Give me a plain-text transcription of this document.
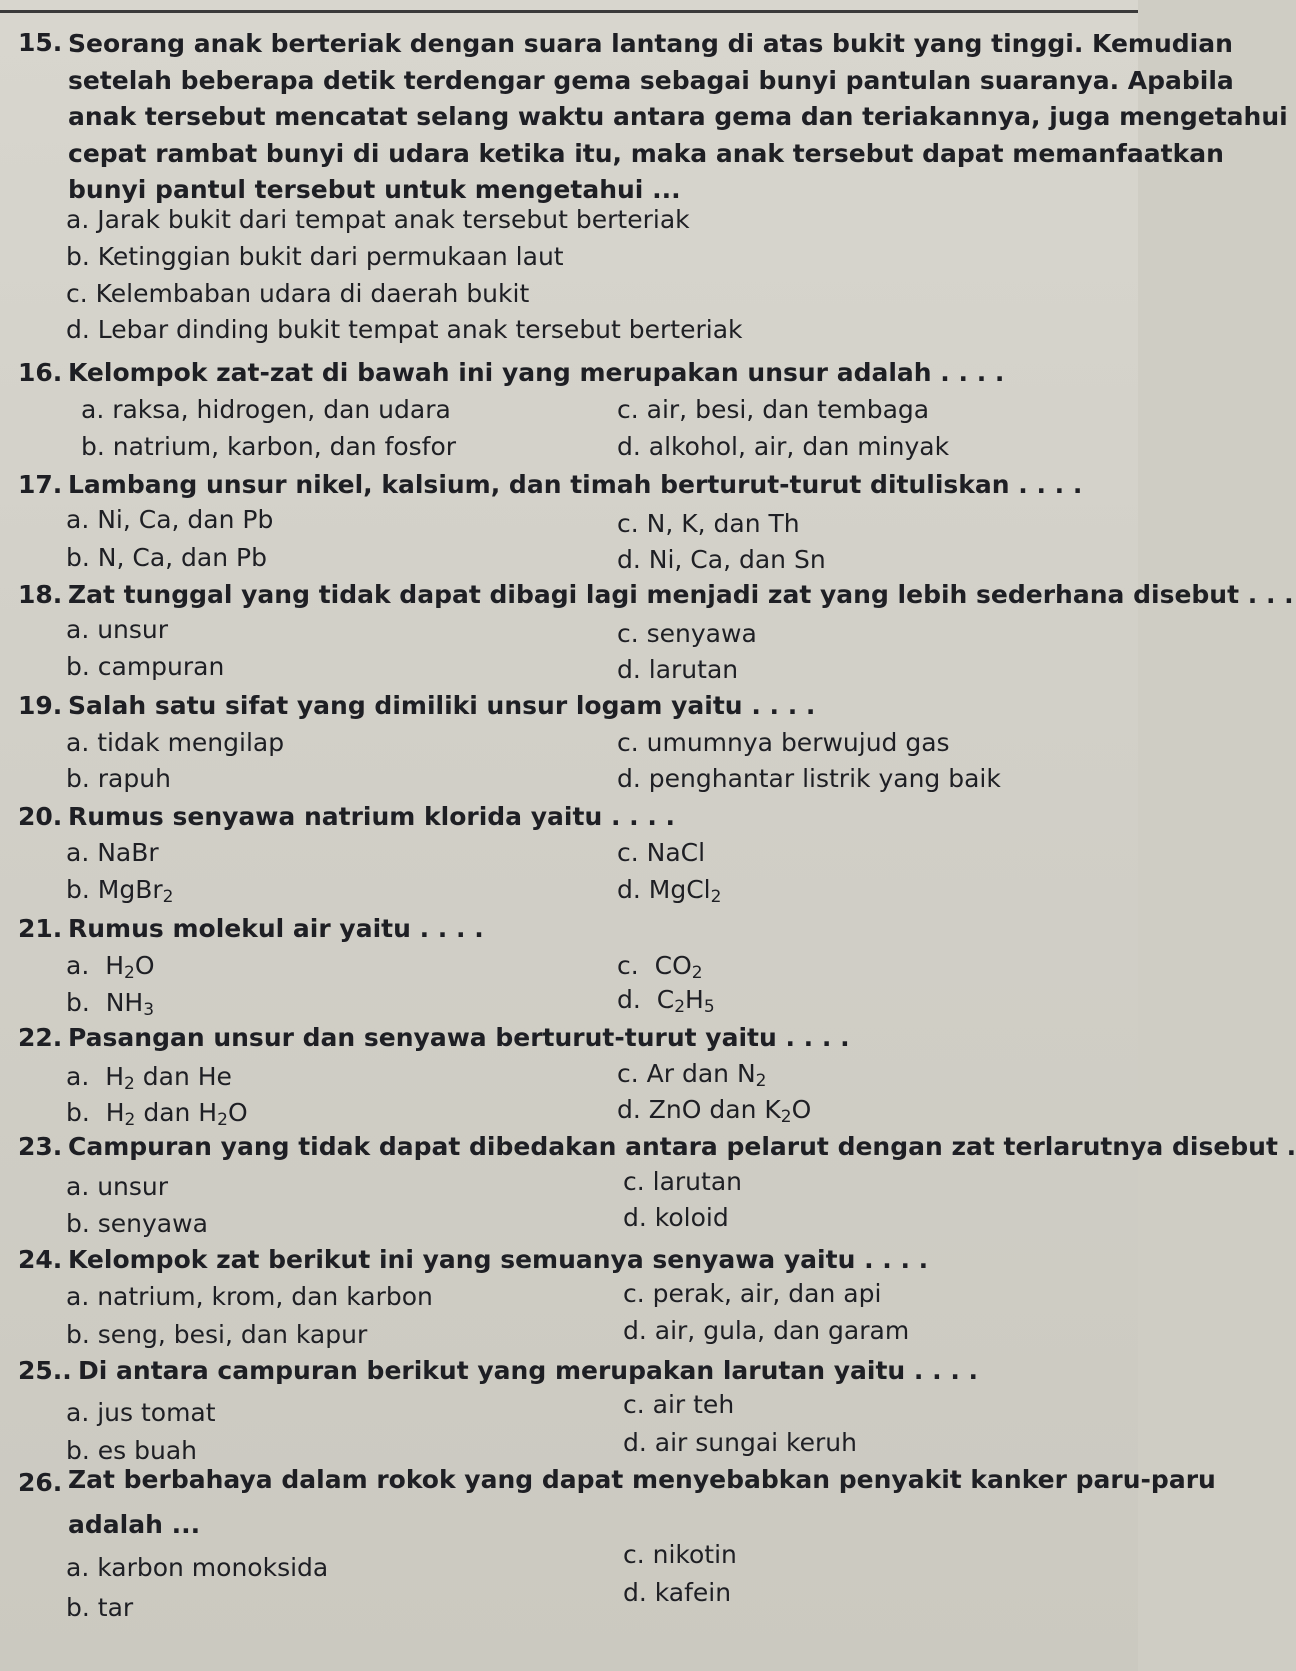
15. Seorang anak berteriak dengan suara lantang di atas bukit yang tinggi. Kemudian
setelah beberapa detik terdengar gema sebagai bunyi pantulan suaranya. Apabila
anak tersebut mencatat selang waktu antara gema dan teriakannya, juga mengetahui
cepat rambat bunyi di udara ketika itu, maka anak tersebut dapat memanfaatkan
bunyi pantul tersebut untuk mengetahui ...
a. Jarak bukit dari tempat anak tersebut berteriak
b. Ketinggian bukit dari permukaan laut
c. Kelembaban udara di daerah bukit
d. Lebar dinding bukit tempat anak tersebut berteriak
16. Kelompok zat-zat di bawah ini yang merupakan unsur adalah . . . .
a. raksa, hidrogen, dan udara
b. natrium, karbon, dan fosfor
c. air, besi, dan tembaga
d. alkohol, air, dan minyak
17. Lambang unsur nikel, kalsium, dan timah berturut-turut dituliskan . . . .
a. Ni, Ca, dan Pb
b. N, Ca, dan Pb
c. N, K, dan Th
d. Ni, Ca, dan Sn
18. Zat tunggal yang tidak dapat dibagi lagi menjadi zat yang lebih sederhana disebut . . .
a. unsur
b. campuran
c. senyawa
d. larutan
19. Salah satu sifat yang dimiliki unsur logam yaitu . . . .
a. tidak mengilap
b. rapuh
c. umumnya berwujud gas
d. penghantar listrik yang baik
20. Rumus senyawa natrium klorida yaitu . . . .
a. NaBr
b. MgBr$_2$
c. NaCl
d. MgCl$_2$
21. Rumus molekul air yaitu . . . .
a. $H_2O$
b. $NH_3$
c. $CO_2$
d. $C_2H_5$
22. Pasangan unsur dan senyawa berturut-turut yaitu . . . .
a. $H_2$ dan He
b. $H_2$ dan $H_2O$
c. Ar dan $N_2$
d. ZnO dan $K_2O$
23. Campuran yang tidak dapat dibedakan antara pelarut dengan zat terlarutnya disebut .
a. unsur
b. senyawa
c. larutan
d. koloid
24. Kelompok zat berikut ini yang semuanya senyawa yaitu . . . .
a. natrium, krom, dan karbon
b. seng, besi, dan kapur
c. perak, air, dan api
d. air, gula, dan garam
25.. Di antara campuran berikut yang merupakan larutan yaitu . . . .
a. jus tomat
b. es buah
c. air teh
d. air sungai keruh
26. Zat berbahaya dalam rokok yang dapat menyebabkan penyakit kanker paru-paru
adalah ...
a. karbon monoksida
b. tar
c. nikotin
d. kafein
